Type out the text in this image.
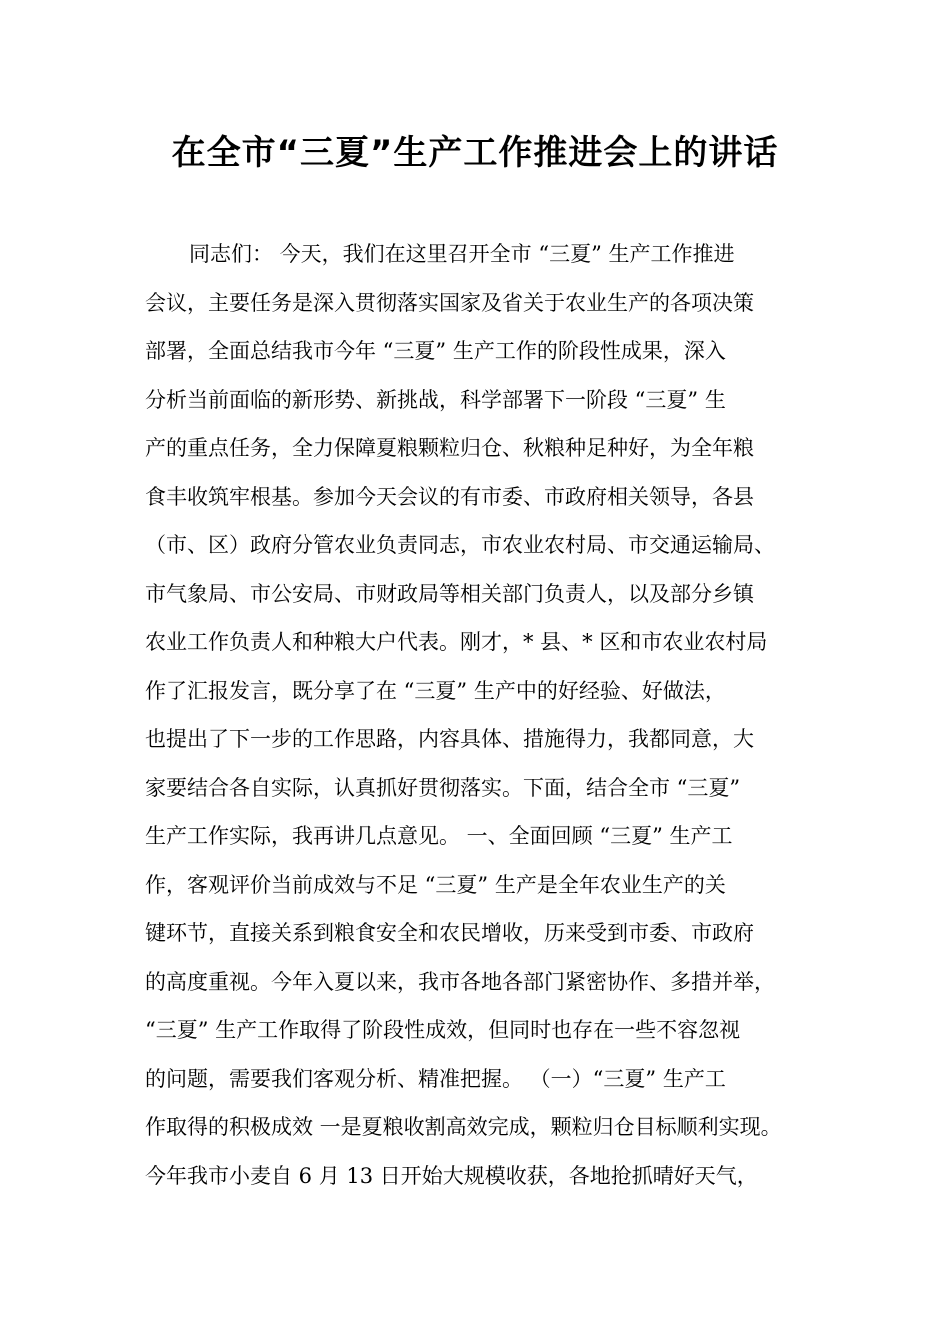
在全市“三夏”生产工作推进会上的讲话
同志们： 今天，我们在这里召开全市 “三夏” 生产工作推进
会议，主要任务是深入贯彻落实国家及省关于农业生产的各项决策
部署，全面总结我市今年 “三夏” 生产工作的阶段性成果，深入
分析当前面临的新形势、新挑战，科学部署下一阶段 “三夏” 生
产的重点任务，全力保障夏粮颗粒归仓、秋粮种足种好，为全年粮
食丰收筑牢根基。参加今天会议的有市委、市政府相关领导，各县
（市、区）政府分管农业负责同志，市农业农村局、市交通运输局、
市气象局、市公安局、市财政局等相关部门负责人，以及部分乡镇
农业工作负责人和种粮大户代表。刚才，* 县、* 区和市农业农村局
作了汇报发言，既分享了在 “三夏” 生产中的好经验、好做法，
也提出了下一步的工作思路，内容具体、措施得力，我都同意，大
家要结合各自实际，认真抓好贯彻落实。下面，结合全市 “三夏”
生产工作实际，我再讲几点意见。 一、全面回顾 “三夏” 生产工
作，客观评价当前成效与不足 “三夏” 生产是全年农业生产的关
键环节，直接关系到粮食安全和农民增收，历来受到市委、市政府
的高度重视。今年入夏以来，我市各地各部门紧密协作、多措并举，
“三夏” 生产工作取得了阶段性成效，但同时也存在一些不容忽视
的问题，需要我们客观分析、精准把握。 （一）“三夏” 生产工
作取得的积极成效 一是夏粮收割高效完成，颗粒归仓目标顺利实现。
今年我市小麦自 6 月 13 日开始大规模收获，各地抢抓晴好天气，
